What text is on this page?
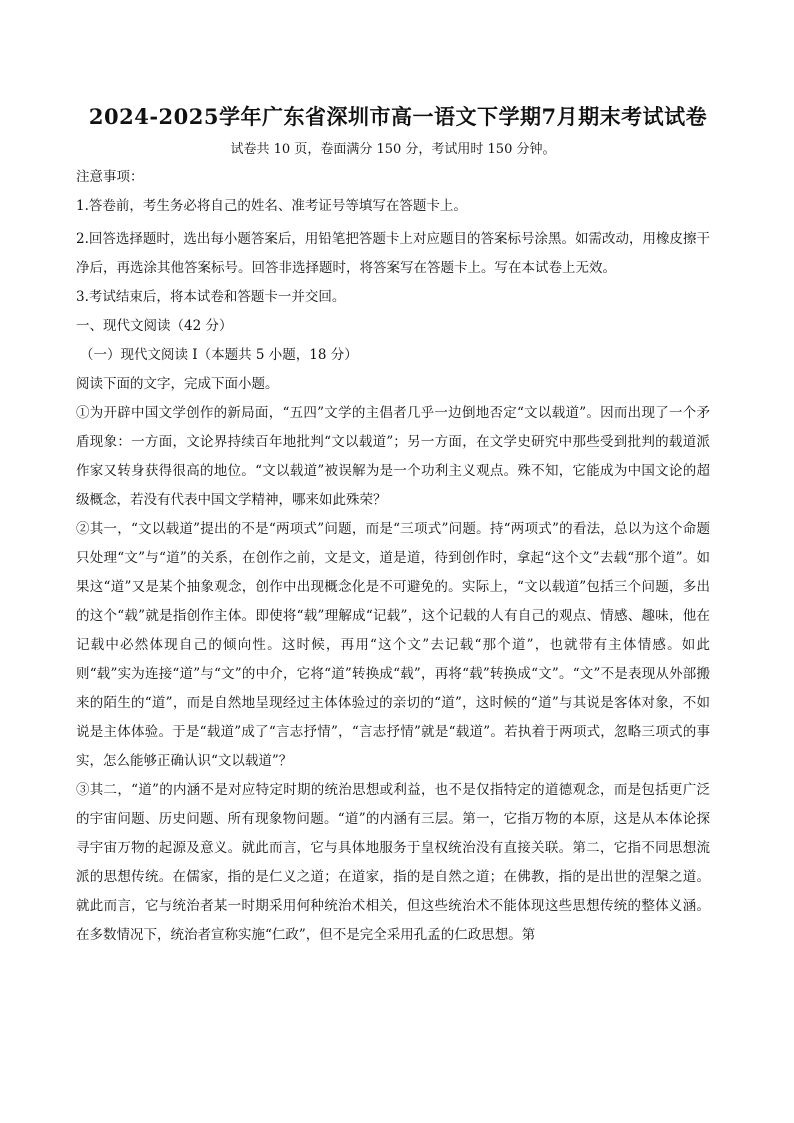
2024-2025学年广东省深圳市高一语文下学期7月期末考试试卷
试卷共 10 页，卷面满分 150 分，考试用时 150 分钟。
注意事项：
1.答卷前，考生务必将自己的姓名、准考证号等填写在答题卡上。
2.回答选择题时，选出每小题答案后，用铅笔把答题卡上对应题目的答案标号涂黑。如需改动，用橡皮擦干净后，再选涂其他答案标号。回答非选择题时，将答案写在答题卡上。写在本试卷上无效。
3.考试结束后，将本试卷和答题卡一并交回。
一、现代文阅读（42 分）
（一）现代文阅读 I（本题共 5 小题，18 分）
阅读下面的文字，完成下面小题。
①为开辟中国文学创作的新局面，“五四”文学的主倡者几乎一边倒地否定“文以载道”。因而出现了一个矛盾现象：一方面，文论界持续百年地批判“文以载道”；另一方面，在文学史研究中那些受到批判的载道派作家又转身获得很高的地位。“文以载道”被误解为是一个功利主义观点。殊不知，它能成为中国文论的超级概念，若没有代表中国文学精神，哪来如此殊荣？
②其一，“文以载道”提出的不是“两项式”问题，而是“三项式”问题。持“两项式”的看法，总以为这个命题只处理“文”与“道”的关系，在创作之前，文是文，道是道，待到创作时，拿起“这个文”去载“那个道”。如果这“道”又是某个抽象观念，创作中出现概念化是不可避免的。实际上，“文以载道”包括三个问题，多出的这个“载”就是指创作主体。即使将“载”理解成“记载”，这个记载的人有自己的观点、情感、趣味，他在记载中必然体现自己的倾向性。这时候，再用“这个文”去记载“那个道”，也就带有主体情感。如此则“载”实为连接“道”与“文”的中介，它将“道”转换成“载”，再将“载”转换成“文”。“文”不是表现从外部搬来的陌生的“道”，而是自然地呈现经过主体体验过的亲切的“道”，这时候的“道”与其说是客体对象，不如说是主体体验。于是“载道”成了“言志抒情”，“言志抒情”就是“载道”。若执着于两项式，忽略三项式的事实，怎么能够正确认识“文以载道”？
③其二，“道”的内涵不是对应特定时期的统治思想或利益，也不是仅指特定的道德观念，而是包括更广泛的宇宙问题、历史问题、所有现象物问题。“道”的内涵有三层。第一，它指万物的本原，这是从本体论探寻宇宙万物的起源及意义。就此而言，它与具体地服务于皇权统治没有直接关联。第二，它指不同思想流派的思想传统。在儒家，指的是仁义之道；在道家，指的是自然之道；在佛教，指的是出世的涅槃之道。就此而言，它与统治者某一时期采用何种统治术相关，但这些统治术不能体现这些思想传统的整体义涵。在多数情况下，统治者宣称实施“仁政”，但不是完全采用孔孟的仁政思想。第
